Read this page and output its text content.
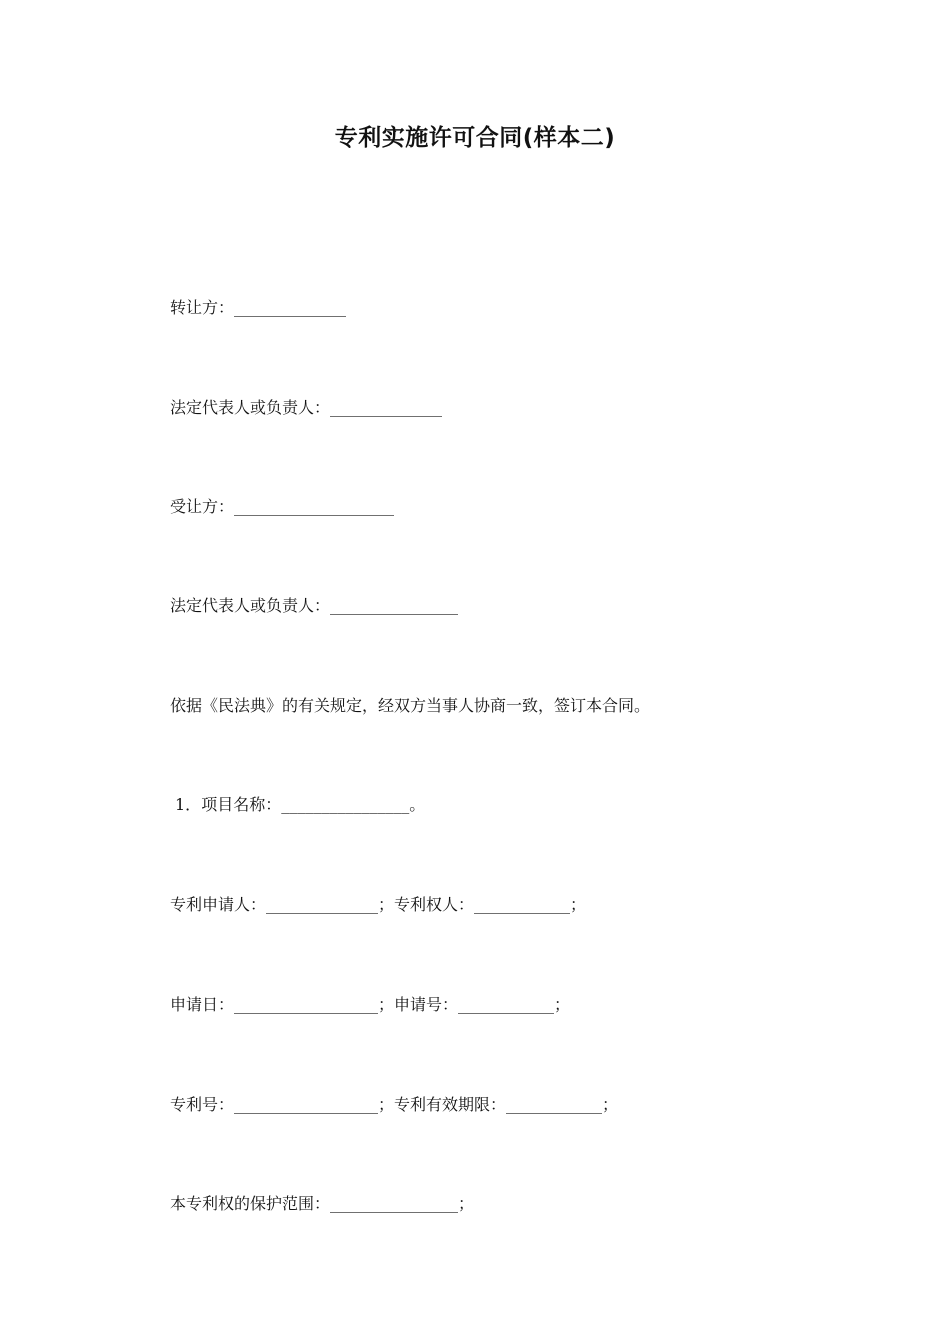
专利实施许可合同(样本二)
转让方：______________
法定代表人或负责人：______________
受让方：____________________
法定代表人或负责人：________________
依据《民法典》的有关规定，经双方当事人协商一致，签订本合同。
1．项目名称：________________。
专利申请人：______________；专利权人：____________；
申请日：__________________；申请号：____________；
专利号：__________________；专利有效期限：____________；
本专利权的保护范围：________________；
